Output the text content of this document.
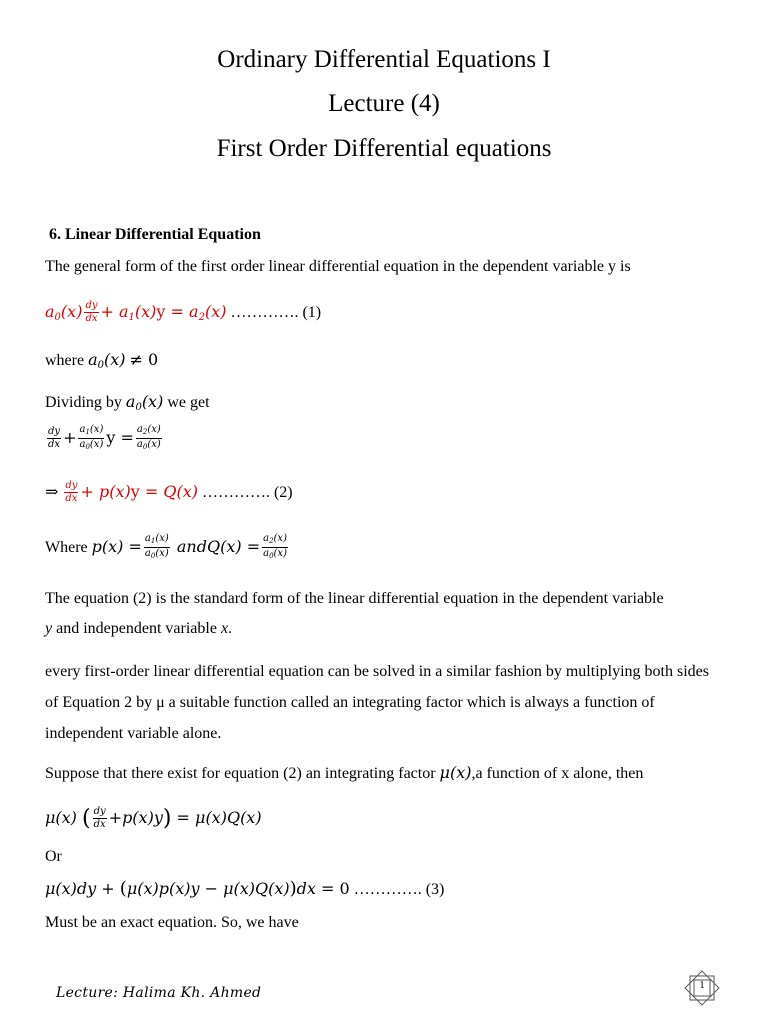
Ordinary Differential Equations I
Lecture (4)
First Order Differential equations
6. Linear Differential Equation
The general form of the first order linear differential equation in the dependent variable y is
$a_0(x) \frac{dy}{dx} + a_1(x)y = a_2(x)$ …………. (1)
where $a_0(x) \ne 0$
Dividing by $a_0(x)$ we get
$\frac{dy}{dx} + \frac{a_1(x)}{a_0(x)}$ $y = \frac{a_2(x)}{a_0(x)}$
⇒ $\frac{dy}{dx} + p(x)y = Q(x)$ …………. (2)
Where $p(x) = \frac{a_1(x)}{a_0(x)}$ andQ(x) = $\frac{a_2(x)}{a_0(x)}$
The equation (2) is the standard form of the linear differential equation in the dependent variable
y and independent variable x.
every first-order linear differential equation can be solved in a similar fashion by multiplying both sides of Equation 2 by μ a suitable function called an integrating factor which is always a function of independent variable alone.
Suppose that there exist for equation (2) an integrating factor μ(x),a function of x alone, then
μ(x) ( $\frac{dy}{dx} +p(x)y) = \mu(x)Q(x)$
Or
μ(x)dy + (μ(x)p(x)y − μ(x)Q(x))dx = 0 …………. (3)
Must be an exact equation. So, we have
Lecture: Halima Kh. Ahmed	1
